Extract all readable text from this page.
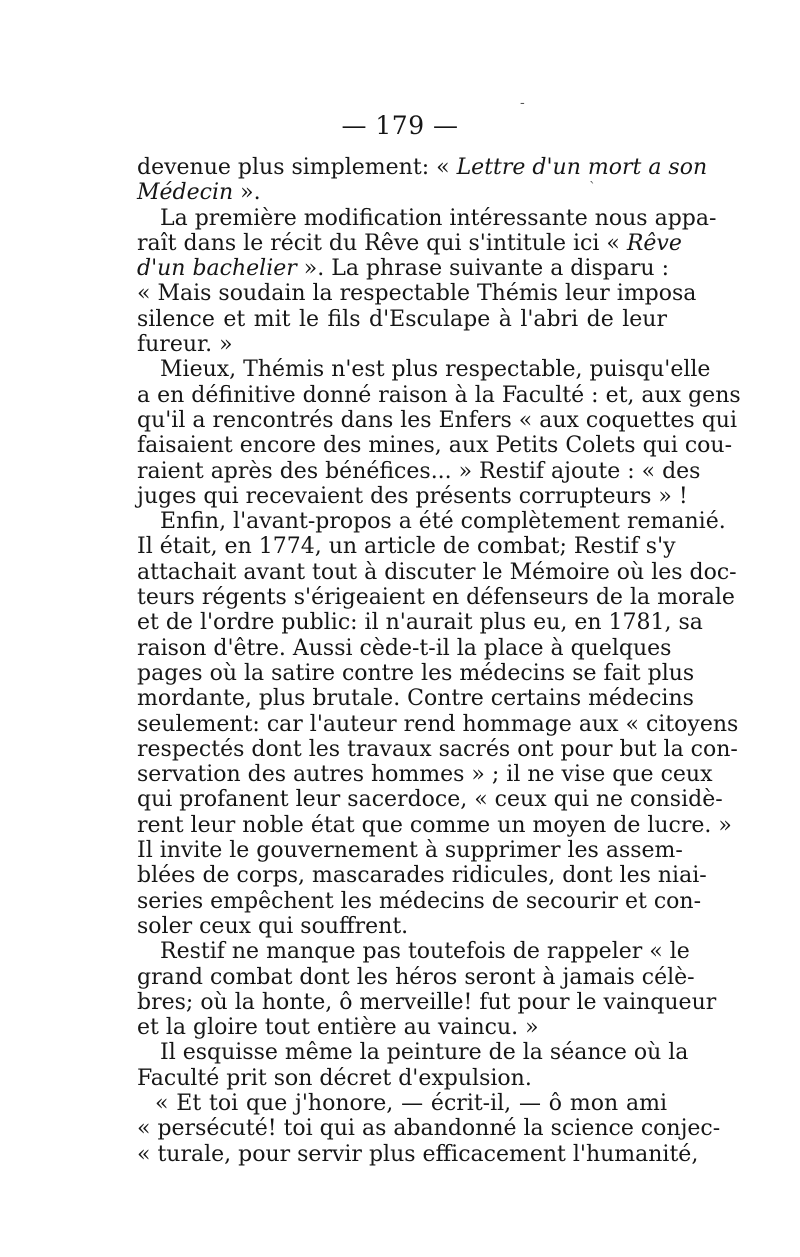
— 179 —
devenue plus simplement: « Lettre d'un mort a son
Médecin ».
La première modification intéressante nous appa-
raît dans le récit du Rêve qui s'intitule ici « Rêve
d'un bachelier ». La phrase suivante a disparu :
« Mais soudain la respectable Thémis leur imposa
silence et mit le fils d'Esculape à l'abri de leur
fureur. »
Mieux, Thémis n'est plus respectable, puisqu'elle
a en définitive donné raison à la Faculté : et, aux gens
qu'il a rencontrés dans les Enfers « aux coquettes qui
faisaient encore des mines, aux Petits Colets qui cou-
raient après des bénéfices... » Restif ajoute : « des
juges qui recevaient des présents corrupteurs » !
Enfin, l'avant-propos a été complètement remanié.
Il était, en 1774, un article de combat; Restif s'y
attachait avant tout à discuter le Mémoire où les doc-
teurs régents s'érigeaient en défenseurs de la morale
et de l'ordre public: il n'aurait plus eu, en 1781, sa
raison d'être. Aussi cède-t-il la place à quelques
pages où la satire contre les médecins se fait plus
mordante, plus brutale. Contre certains médecins
seulement: car l'auteur rend hommage aux « citoyens
respectés dont les travaux sacrés ont pour but la con-
servation des autres hommes » ; il ne vise que ceux
qui profanent leur sacerdoce, « ceux qui ne considè-
rent leur noble état que comme un moyen de lucre. »
Il invite le gouvernement à supprimer les assem-
blées de corps, mascarades ridicules, dont les niai-
series empêchent les médecins de secourir et con-
soler ceux qui souffrent.
Restif ne manque pas toutefois de rappeler « le
grand combat dont les héros seront à jamais célè-
bres; où la honte, ô merveille! fut pour le vainqueur
et la gloire tout entière au vaincu. »
Il esquisse même la peinture de la séance où la
Faculté prit son décret d'expulsion.
« Et toi que j'honore, — écrit-il, — ô mon ami
« persécuté! toi qui as abandonné la science conjec-
« turale, pour servir plus efficacement l'humanité,
-
`
